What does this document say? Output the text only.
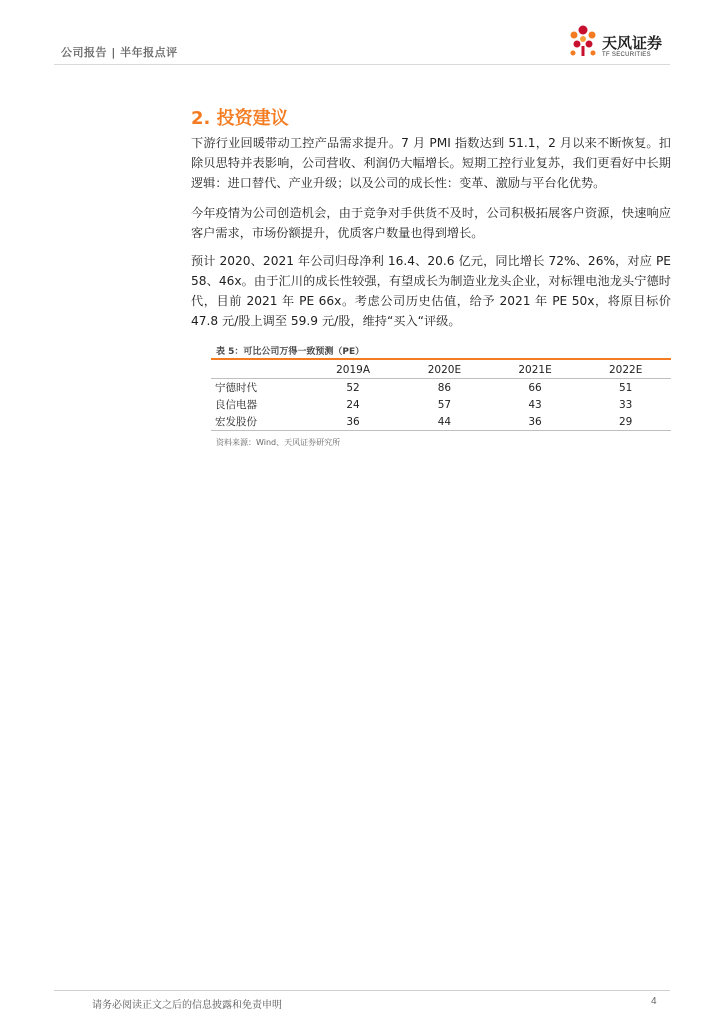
公司报告 | 半年报点评
天风证券
TF SECURITIES
2. 投资建议

下游行业回暖带动工控产品需求提升。7 月 PMI 指数达到 51.1，2 月以来不断恢复。扣除贝思特并表影响，公司营收、利润仍大幅增长。短期工控行业复苏，我们更看好中长期逻辑：进口替代、产业升级；以及公司的成长性：变革、激励与平台化优势。

今年疫情为公司创造机会，由于竞争对手供货不及时，公司积极拓展客户资源，快速响应客户需求，市场份额提升，优质客户数量也得到增长。

预计 2020、2021 年公司归母净利 16.4、20.6 亿元，同比增长 72%、26%，对应 PE 58、46x。由于汇川的成长性较强，有望成长为制造业龙头企业，对标锂电池龙头宁德时代，目前 2021 年 PE 66x。考虑公司历史估值，给予 2021 年 PE 50x，将原目标价 47.8 元/股上调至 59.9 元/股，维持“买入“评级。

表 5：可比公司万得一致预测（PE）
	2019A	2020E	2021E	2022E
宁德时代	52	86	66	51
良信电器	24	57	43	33
宏发股份	36	44	36	29
资料来源：Wind、天风证券研究所
请务必阅读正文之后的信息披露和免责申明	4
